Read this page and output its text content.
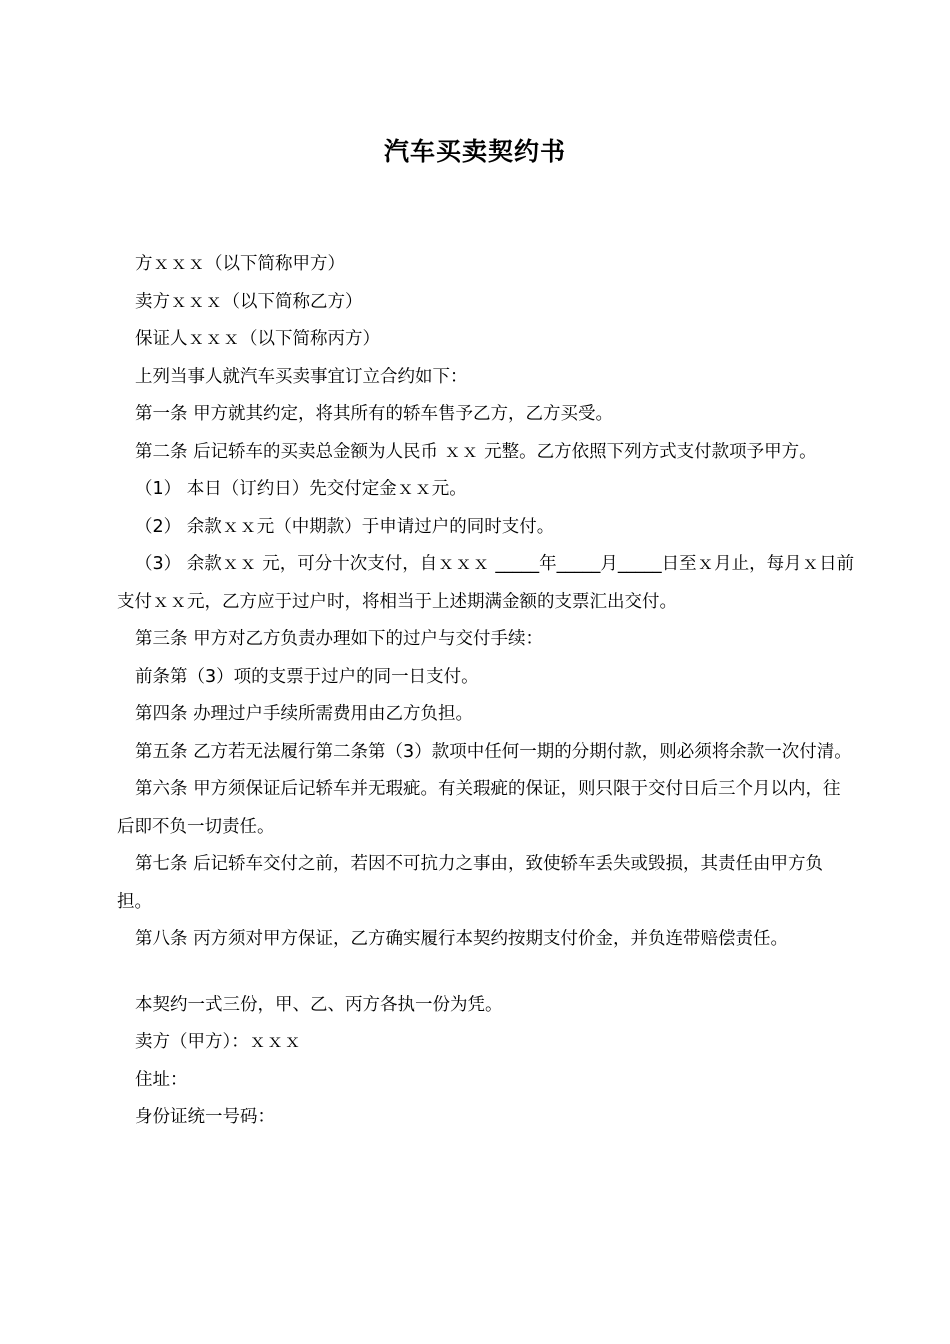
汽车买卖契约书

方ｘｘｘ（以下简称甲方）

卖方ｘｘｘ（以下简称乙方）

保证人ｘｘｘ（以下简称丙方）

上列当事人就汽车买卖事宜订立合约如下：

第一条 甲方就其约定，将其所有的轿车售予乙方，乙方买受。

第二条 后记轿车的买卖总金额为人民币 ｘｘ 元整。乙方依照下列方式支付款项予甲方。

（1） 本日（订约日）先交付定金ｘｘ元。

（2） 余款ｘｘ元（中期款）于申请过户的同时支付。

（3） 余款ｘｘ 元，可分十次支付，自ｘｘｘ _____年_____月_____日至ｘ月止，每月ｘ日前支付ｘｘ元，乙方应于过户时，将相当于上述期满金额的支票汇出交付。

第三条 甲方对乙方负责办理如下的过户与交付手续：

前条第（3）项的支票于过户的同一日支付。

第四条 办理过户手续所需费用由乙方负担。

第五条 乙方若无法履行第二条第（3）款项中任何一期的分期付款，则必须将余款一次付清。

第六条 甲方须保证后记轿车并无瑕疵。有关瑕疵的保证，则只限于交付日后三个月以内，往后即不负一切责任。

第七条 后记轿车交付之前，若因不可抗力之事由，致使轿车丢失或毁损，其责任由甲方负担。

第八条 丙方须对甲方保证，乙方确实履行本契约按期支付价金，并负连带赔偿责任。

本契约一式三份，甲、乙、丙方各执一份为凭。

卖方（甲方）：ｘｘｘ

住址：

身份证统一号码：
